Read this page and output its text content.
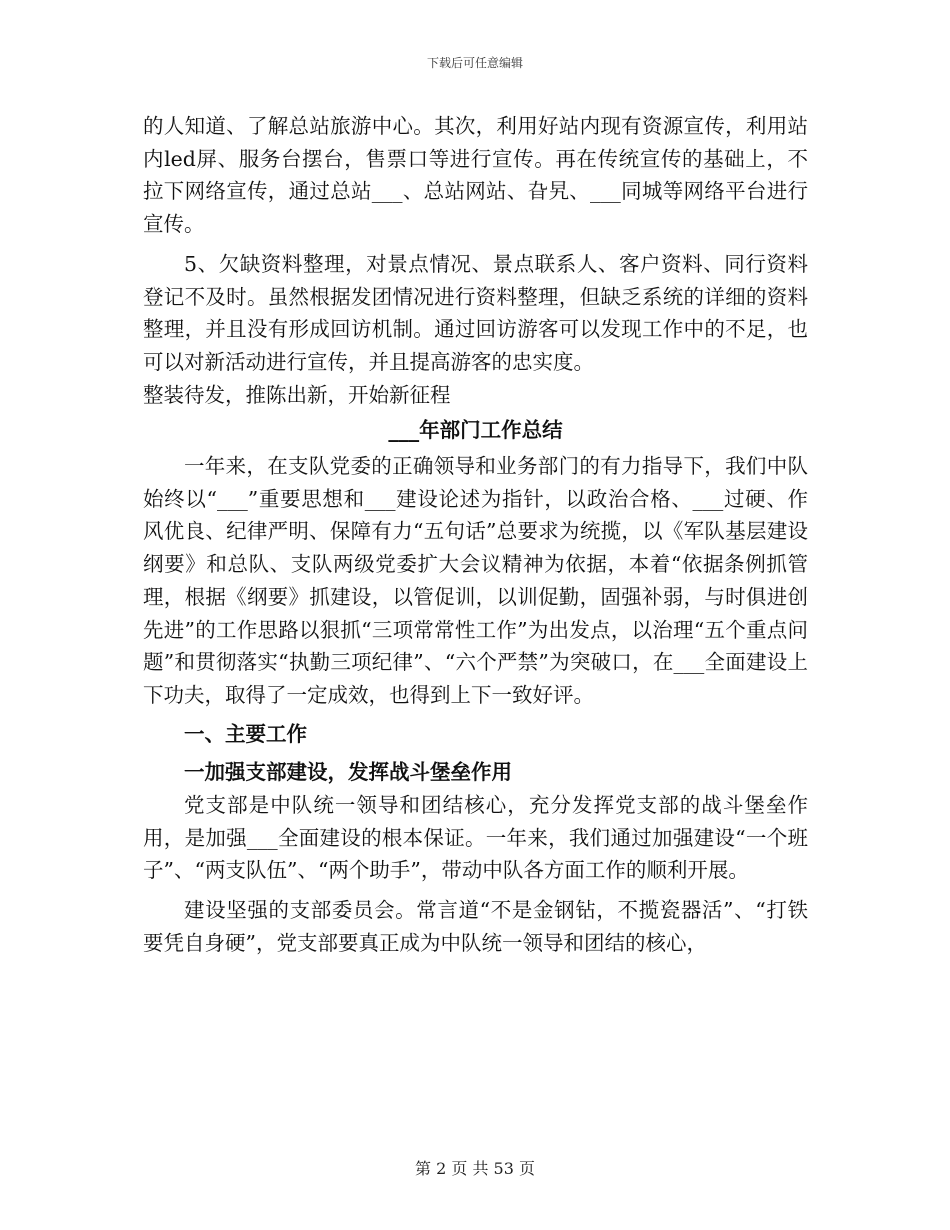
下载后可任意编辑

的人知道、了解总站旅游中心。其次，利用好站内现有资源宣传，利用站内led屏、服务台摆台，售票口等进行宣传。再在传统宣传的基础上，不拉下网络宣传，通过总站___、总站网站、旮旯、___同城等网络平台进行宣传。

5、欠缺资料整理，对景点情况、景点联系人、客户资料、同行资料登记不及时。虽然根据发团情况进行资料整理，但缺乏系统的详细的资料整理，并且没有形成回访机制。通过回访游客可以发现工作中的不足，也可以对新活动进行宣传，并且提高游客的忠实度。

整装待发，推陈出新，开始新征程

___年部门工作总结

一年来，在支队党委的正确领导和业务部门的有力指导下，我们中队始终以“___”重要思想和___建设论述为指针，以政治合格、___过硬、作风优良、纪律严明、保障有力“五句话”总要求为统揽，以《军队基层建设纲要》和总队、支队两级党委扩大会议精神为依据，本着“依据条例抓管理，根据《纲要》抓建设，以管促训，以训促勤，固强补弱，与时俱进创先进”的工作思路以狠抓“三项常常性工作”为出发点，以治理“五个重点问题”和贯彻落实“执勤三项纪律”、“六个严禁”为突破口，在___全面建设上下功夫，取得了一定成效，也得到上下一致好评。

一、主要工作

一加强支部建设，发挥战斗堡垒作用

党支部是中队统一领导和团结核心，充分发挥党支部的战斗堡垒作用，是加强___全面建设的根本保证。一年来，我们通过加强建设“一个班子”、“两支队伍”、“两个助手”，带动中队各方面工作的顺利开展。

建设坚强的支部委员会。常言道“不是金钢钻，不揽瓷器活”、“打铁要凭自身硬”，党支部要真正成为中队统一领导和团结的核心，

第 2 页 共 53 页
